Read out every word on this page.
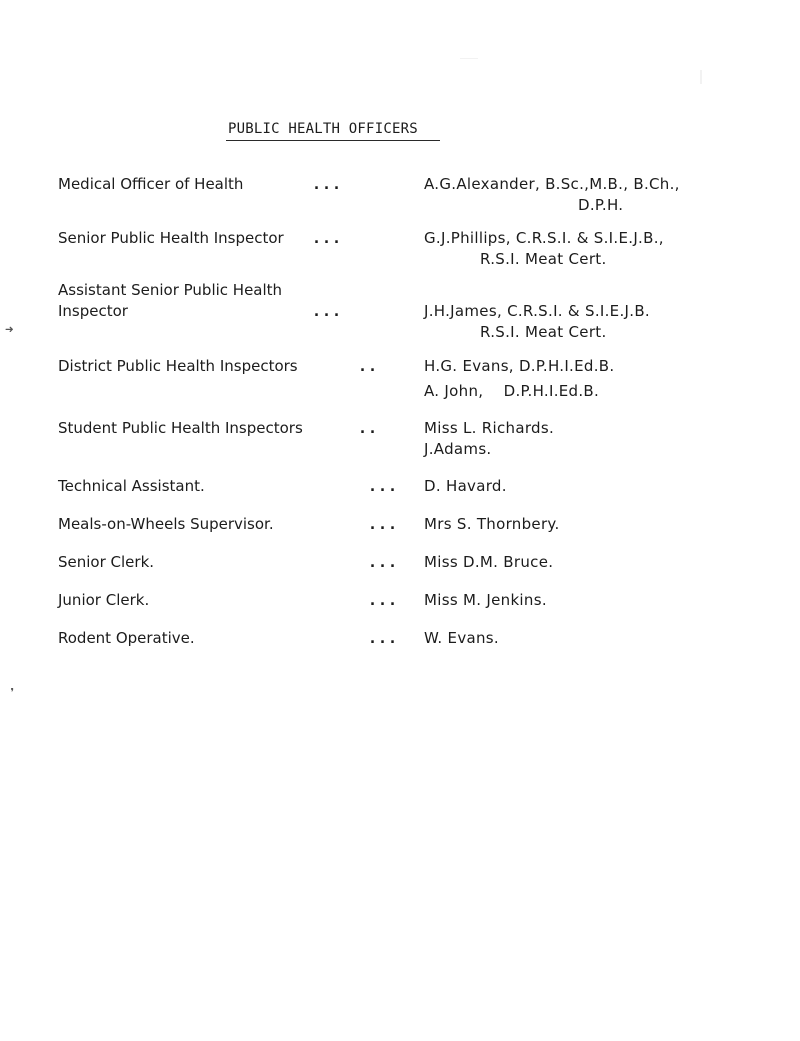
➜
❜
PUBLIC HEALTH OFFICERS
Medical Officer of Health	...	A.G.Alexander, B.Sc.,M.B., B.Ch.,
D.P.H.
Senior Public Health Inspector ...	G.J.Phillips, C.R.S.I. & S.I.E.J.B.,
R.S.I. Meat Cert.
Assistant Senior Public Health
Inspector	...	J.H.James, C.R.S.I. & S.I.E.J.B.
R.S.I. Meat Cert.
District Public Health Inspectors	..	H.G. Evans, D.P.H.I.Ed.B.
A. John,    D.P.H.I.Ed.B.
Student Public Health Inspectors	..	Miss L. Richards.
J.Adams.
Technical Assistant.	... D. Havard.
Meals-on-Wheels Supervisor.	... Mrs S. Thornbery.
Senior Clerk.	... Miss D.M. Bruce.
Junior Clerk.	... Miss M. Jenkins.
Rodent Operative.	... W. Evans.
